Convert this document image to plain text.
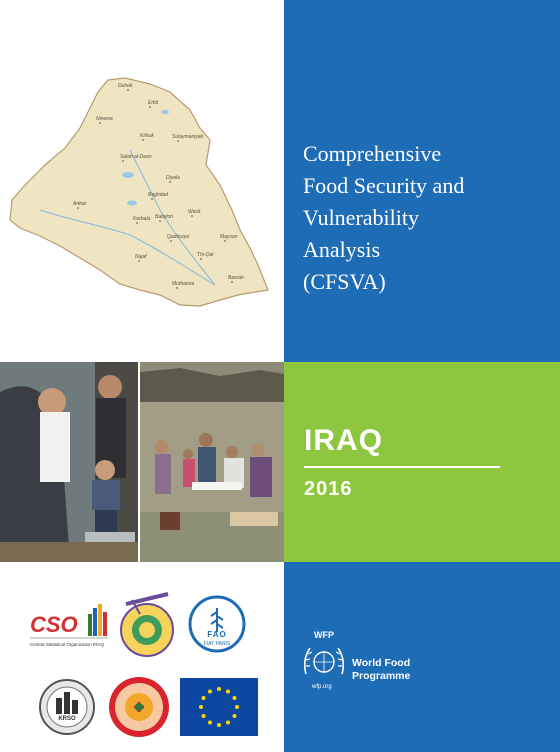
Duhok
Erbil
Ninewa
Kirkuk	Sulaymaniyah
Salah al-Deen
Diyala
Baghdad
Anbar
Kerbala Babylon
Wasit
Qadissiya	Maysan
Najaf	Thi-Qar
Basrah
Muthanna
CSO
Central Statistical Organization IRAQ
FAO
FIAT PANIS
KRSO
Comprehensive
Food Security and
Vulnerability
Analysis
(CFSVA)
IRAQ
2016
WFP
wfp.org
World Food
Programme
